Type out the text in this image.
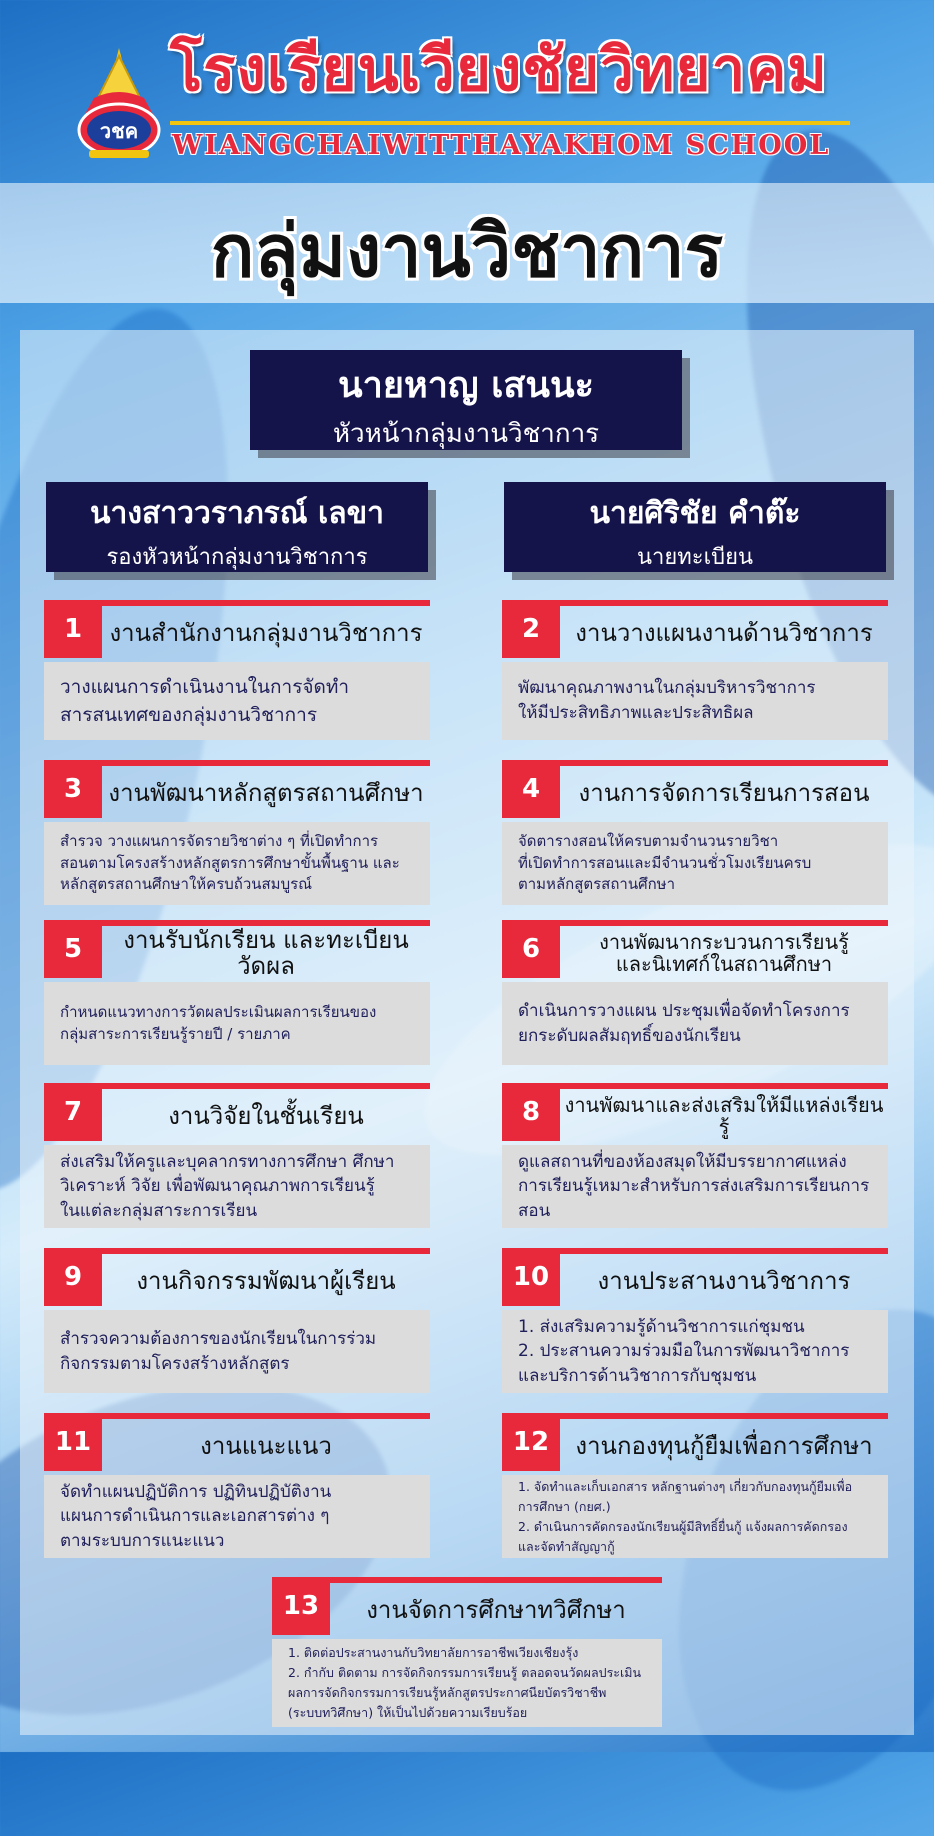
วชค
โรงเรียนเวียงชัยวิทยาคม
WIANGCHAIWITTHAYAKHOM SCHOOL
กลุ่มงานวิชาการ
นายหาญ เสนนะ
หัวหน้ากลุ่มงานวิชาการ
นางสาววราภรณ์ เลขา
รองหัวหน้ากลุ่มงานวิชาการ
นายศิริชัย คำต๊ะ
นายทะเบียน
1	งานสำนักงานกลุ่มงานวิชาการ
วางแผนการดำเนินงานในการจัดทำ
สารสนเทศของกลุ่มงานวิชาการ
2	งานวางแผนงานด้านวิชาการ
พัฒนาคุณภาพงานในกลุ่มบริหารวิชาการ
ให้มีประสิทธิภาพและประสิทธิผล
3	งานพัฒนาหลักสูตรสถานศึกษา
สำรวจ วางแผนการจัดรายวิชาต่าง ๆ ที่เปิดทำการ
สอนตามโครงสร้างหลักสูตรการศึกษาขั้นพื้นฐาน และ
หลักสูตรสถานศึกษาให้ครบถ้วนสมบูรณ์
4	งานการจัดการเรียนการสอน
จัดตารางสอนให้ครบตามจำนวนรายวิชา
ที่เปิดทำการสอนและมีจำนวนชั่วโมงเรียนครบ
ตามหลักสูตรสถานศึกษา
5	งานรับนักเรียน และทะเบียนวัดผล
กำหนดแนวทางการวัดผลประเมินผลการเรียนของ
กลุ่มสาระการเรียนรู้รายปี / รายภาค
6	งานพัฒนากระบวนการเรียนรู้
และนิเทศก์ในสถานศึกษา
ดำเนินการวางแผน ประชุมเพื่อจัดทำโครงการ
ยกระดับผลสัมฤทธิ์ของนักเรียน
7	งานวิจัยในชั้นเรียน
ส่งเสริมให้ครูและบุคลากรทางการศึกษา ศึกษา
วิเคราะห์ วิจัย เพื่อพัฒนาคุณภาพการเรียนรู้
ในแต่ละกลุ่มสาระการเรียน
8	งานพัฒนาและส่งเสริมให้มีแหล่งเรียนรู้
ดูแลสถานที่ของห้องสมุดให้มีบรรยากาศแหล่ง
การเรียนรู้เหมาะสำหรับการส่งเสริมการเรียนการ
สอน
9	งานกิจกรรมพัฒนาผู้เรียน
สำรวจความต้องการของนักเรียนในการร่วม
กิจกรรมตามโครงสร้างหลักสูตร
10	งานประสานงานวิชาการ
1. ส่งเสริมความรู้ด้านวิชาการแก่ชุมชน
2. ประสานความร่วมมือในการพัฒนาวิชาการ
และบริการด้านวิชาการกับชุมชน
11	งานแนะแนว
จัดทำแผนปฏิบัติการ ปฏิทินปฏิบัติงาน
แผนการดำเนินการและเอกสารต่าง ๆ
ตามระบบการแนะแนว
12	งานกองทุนกู้ยืมเพื่อการศึกษา
1. จัดทำและเก็บเอกสาร หลักฐานต่างๆ เกี่ยวกับกองทุนกู้ยืมเพื่อ
การศึกษา (กยศ.)
2. ดำเนินการคัดกรองนักเรียนผู้มีสิทธิ์ยื่นกู้ แจ้งผลการคัดกรอง
และจัดทำสัญญากู้
13	งานจัดการศึกษาทวิศึกษา
1. ติดต่อประสานงานกับวิทยาลัยการอาชีพเวียงเชียงรุ้ง
2. กำกับ ติดตาม การจัดกิจกรรมการเรียนรู้ ตลอดจนวัดผลประเมิน
ผลการจัดกิจกรรมการเรียนรู้หลักสูตรประกาศนียบัตรวิชาชีพ
(ระบบทวิศึกษา) ให้เป็นไปด้วยความเรียบร้อย
